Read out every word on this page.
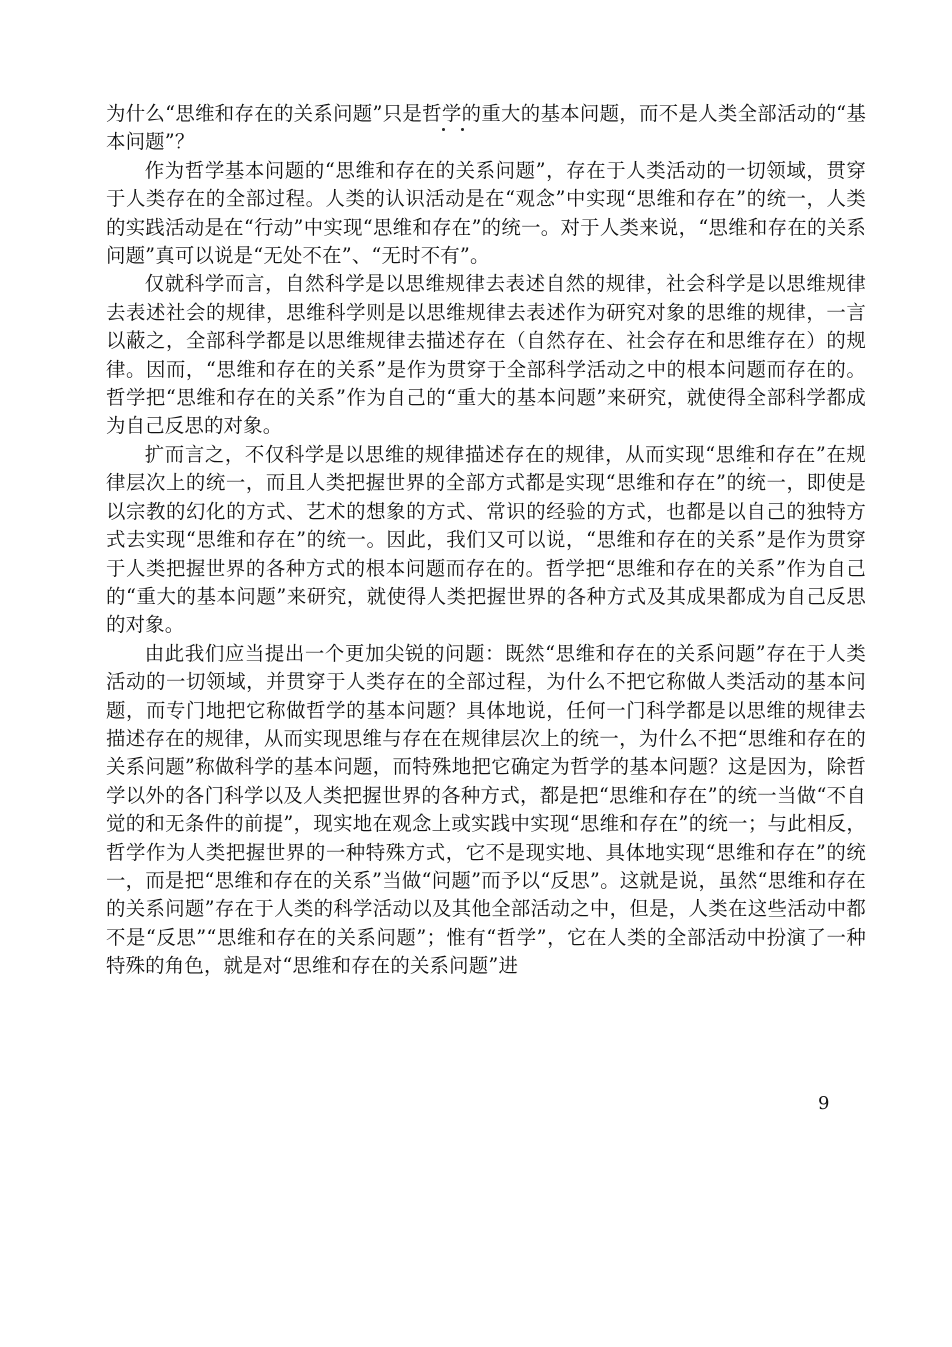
为什么“思维和存在的关系问题”只是哲学的重大的基本问题，而不是人类全部活动的“基本问题”？

作为哲学基本问题的“思维和存在的关系问题”，存在于人类活动的一切领域，贯穿于人类存在的全部过程。人类的认识活动是在“观念”中实现“思维和存在”的统一，人类的实践活动是在“行动”中实现“思维和存在”的统一。对于人类来说，“思维和存在的关系问题”真可以说是“无处不在”、“无时不有”。

仅就科学而言，自然科学是以思维规律去表述自然的规律，社会科学是以思维规律去表述社会的规律，思维科学则是以思维规律去表述作为研究对象的思维的规律，一言以蔽之，全部科学都是以思维规律去描述存在（自然存在、社会存在和思维存在）的规律。因而，“思维和存在的关系”是作为贯穿于全部科学活动之中的根本问题而存在的。哲学把“思维和存在的关系”作为自己的“重大的基本问题”来研究，就使得全部科学都成为自己反思的对象。

扩而言之，不仅科学是以思维的规律描述存在的规律，从而实现“思维和存在”在规律层次上的统一，而且人类把握世界的全部方式都是实现“思维和存在”的统一，即使是以宗教的幻化的方式、艺术的想象的方式、常识的经验的方式，也都是以自己的独特方式去实现“思维和存在”的统一。因此，我们又可以说，“思维和存在的关系”是作为贯穿于人类把握世界的各种方式的根本问题而存在的。哲学把“思维和存在的关系”作为自己的“重大的基本问题”来研究，就使得人类把握世界的各种方式及其成果都成为自己反思的对象。

由此我们应当提出一个更加尖锐的问题：既然“思维和存在的关系问题”存在于人类活动的一切领域，并贯穿于人类存在的全部过程，为什么不把它称做人类活动的基本问题，而专门地把它称做哲学的基本问题？具体地说，任何一门科学都是以思维的规律去描述存在的规律，从而实现思维与存在在规律层次上的统一，为什么不把“思维和存在的关系问题”称做科学的基本问题，而特殊地把它确定为哲学的基本问题？这是因为，除哲学以外的各门科学以及人类把握世界的各种方式，都是把“思维和存在”的统一当做“不自觉的和无条件的前提”，现实地在观念上或实践中实现“思维和存在”的统一；与此相反，哲学作为人类把握世界的一种特殊方式，它不是现实地、具体地实现“思维和存在”的统一，而是把“思维和存在的关系”当做“问题”而予以“反思”。这就是说，虽然“思维和存在的关系问题”存在于人类的科学活动以及其他全部活动之中，但是，人类在这些活动中都不是“反思”“思维和存在的关系问题”；惟有“哲学”，它在人类的全部活动中扮演了一种特殊的角色，就是对“思维和存在的关系问题”进

9
